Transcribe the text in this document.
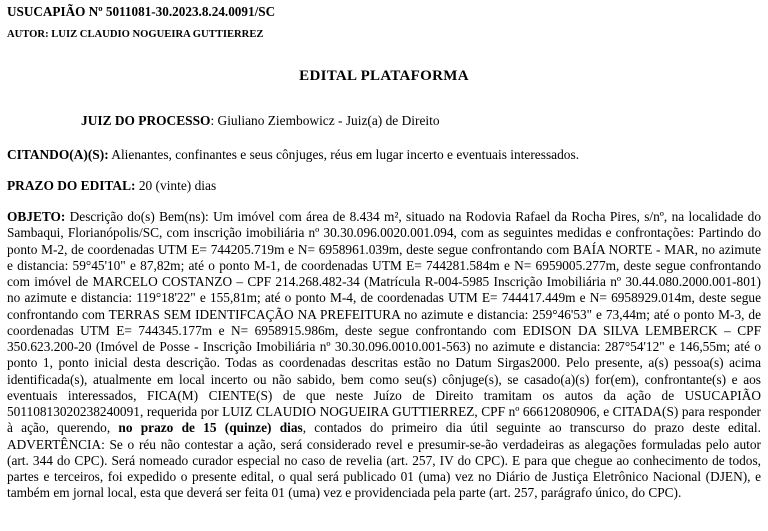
USUCAPIÃO Nº 5011081-30.2023.8.24.0091/SC
AUTOR: LUIZ CLAUDIO NOGUEIRA GUTTIERREZ
EDITAL PLATAFORMA
JUIZ DO PROCESSO: Giuliano Ziembowicz - Juiz(a) de Direito
CITANDO(A)(S): Alienantes, confinantes e seus cônjuges, réus em lugar incerto e eventuais interessados.
PRAZO DO EDITAL: 20 (vinte) dias
OBJETO: Descrição do(s) Bem(ns): Um imóvel com área de 8.434 m², situado na Rodovia Rafael da Rocha Pires, s/nº, na localidade do Sambaqui, Florianópolis/SC, com inscrição imobiliária nº 30.30.096.0020.001.094, com as seguintes medidas e confrontações: Partindo do ponto M-2, de coordenadas UTM E= 744205.719m e N= 6958961.039m, deste segue confrontando com BAÍA NORTE - MAR, no azimute e distancia: 59°45'10" e 87,82m; até o ponto M-1, de coordenadas UTM E= 744281.584m e N= 6959005.277m, deste segue confrontando com imóvel de MARCELO COSTANZO – CPF 214.268.482-34 (Matrícula R-004-5985 Inscrição Imobiliária nº 30.44.080.2000.001-801) no azimute e distancia: 119°18'22" e 155,81m; até o ponto M-4, de coordenadas UTM E= 744417.449m e N= 6958929.014m, deste segue confrontando com TERRAS SEM IDENTIFCAÇÃO NA PREFEITURA no azimute e distancia: 259°46'53" e 73,44m; até o ponto M-3, de coordenadas UTM E= 744345.177m e N= 6958915.986m, deste segue confrontando com EDISON DA SILVA LEMBERCK – CPF 350.623.200-20 (Imóvel de Posse - Inscrição Imobiliária nº 30.30.096.0010.001-563) no azimute e distancia: 287°54'12" e 146,55m; até o ponto 1, ponto inicial desta descrição. Todas as coordenadas descritas estão no Datum Sirgas2000. Pelo presente, a(s) pessoa(s) acima identificada(s), atualmente em local incerto ou não sabido, bem como seu(s) cônjuge(s), se casado(a)(s) for(em), confrontante(s) e aos eventuais interessados, FICA(M) CIENTE(S) de que neste Juízo de Direito tramitam os autos da ação de USUCAPIÃO 50110813020238240091, requerida por LUIZ CLAUDIO NOGUEIRA GUTTIERREZ, CPF nº 66612080906, e CITADA(S) para responder à ação, querendo, no prazo de 15 (quinze) dias, contados do primeiro dia útil seguinte ao transcurso do prazo deste edital. ADVERTÊNCIA: Se o réu não contestar a ação, será considerado revel e presumir-se-ão verdadeiras as alegações formuladas pelo autor (art. 344 do CPC). Será nomeado curador especial no caso de revelia (art. 257, IV do CPC). E para que chegue ao conhecimento de todos, partes e terceiros, foi expedido o presente edital, o qual será publicado 01 (uma) vez no Diário de Justiça Eletrônico Nacional (DJEN), e também em jornal local, esta que deverá ser feita 01 (uma) vez e providenciada pela parte (art. 257, parágrafo único, do CPC).
